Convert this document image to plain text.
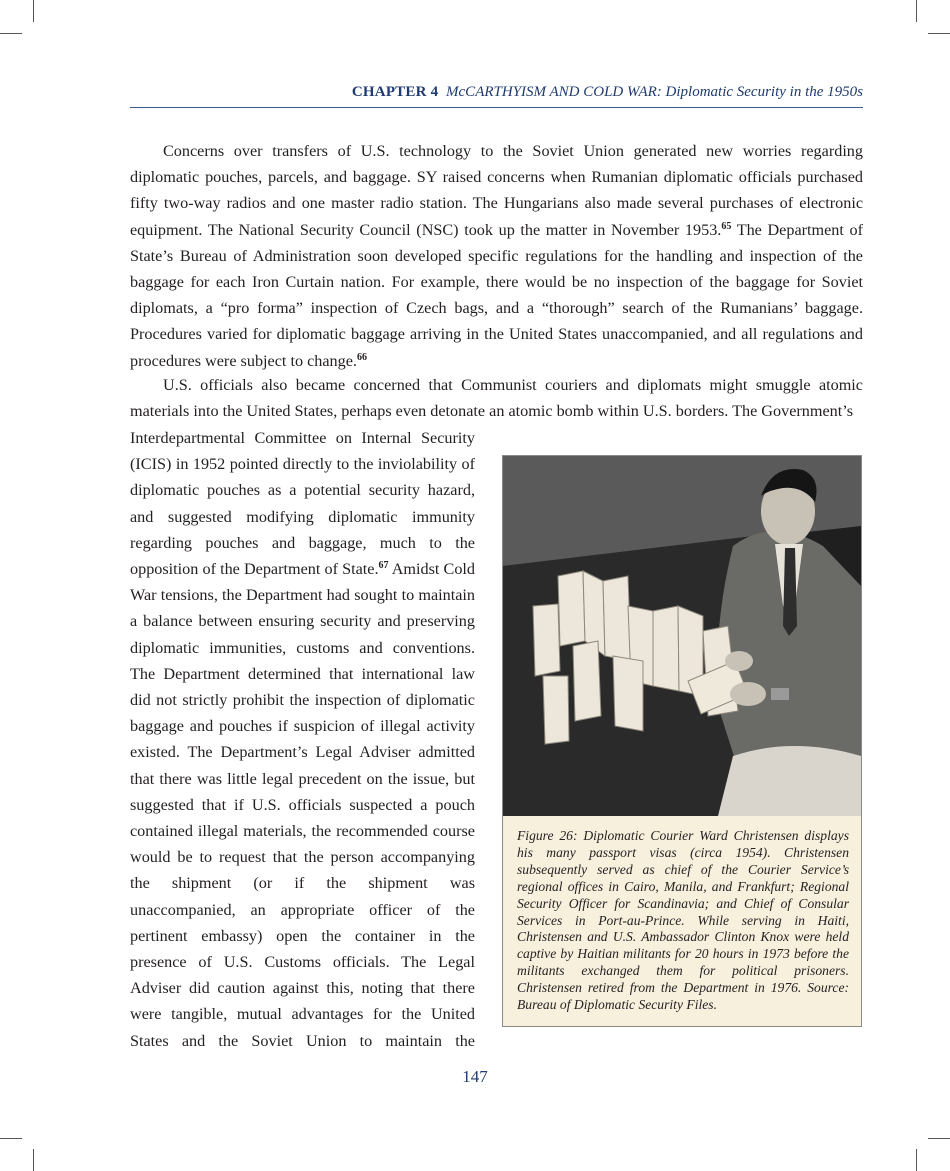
CHAPTER 4 McCARTHYISM AND COLD WAR: Diplomatic Security in the 1950s

Concerns over transfers of U.S. technology to the Soviet Union generated new worries regarding diplomatic pouches, parcels, and baggage. SY raised concerns when Rumanian diplomatic officials purchased fifty two-way radios and one master radio station. The Hungarians also made several purchases of electronic equipment. The National Security Council (NSC) took up the matter in November 1953.65 The Department of State’s Bureau of Administration soon developed specific regulations for the handling and inspection of the baggage for each Iron Curtain nation. For example, there would be no inspection of the baggage for Soviet diplomats, a “pro forma” inspection of Czech bags, and a “thorough” search of the Rumanians’ baggage. Procedures varied for diplomatic baggage arriving in the United States unaccompanied, and all regulations and procedures were subject to change.$^{66}$

U.S. officials also became concerned that Communist couriers and diplomats might smuggle atomic materials into the United States, perhaps even detonate an atomic bomb within U.S. borders. The Government’s

Interdepartmental Committee on Internal Security (ICIS) in 1952 pointed directly to the inviolability of diplomatic pouches as a potential security hazard, and suggested modifying diplomatic immunity regarding pouches and baggage, much to the opposition of the Department of State.$^{67}$ Amidst Cold War tensions, the Department had sought to maintain a balance between ensuring security and preserving diplomatic immunities, customs and conventions. The Department determined that international law did not strictly prohibit the inspection of diplomatic baggage and pouches if suspicion of illegal activity existed. The Department’s Legal Adviser admitted that there was little legal precedent on the issue, but suggested that if U.S. officials suspected a pouch contained illegal materials, the recommended course would be to request that the person accompanying the shipment (or if the shipment was unaccompanied, an appropriate officer of the pertinent embassy) open the container in the presence of U.S. Customs officials. The Legal Adviser did caution against this, noting that there were tangible, mutual advantages for the United States and the Soviet Union to maintain the

Figure 26: Diplomatic Courier Ward Christensen displays his many passport visas (circa 1954). Christensen subsequently served as chief of the Courier Service’s regional offices in Cairo, Manila, and Frankfurt; Regional Security Officer for Scandinavia; and Chief of Consular Services in Port-au-Prince. While serving in Haiti, Christensen and U.S. Ambassador Clinton Knox were held captive by Haitian militants for 20 hours in 1973 before the militants exchanged them for political prisoners. Christensen retired from the Department in 1976. Source: Bureau of Diplomatic Security Files.

147
